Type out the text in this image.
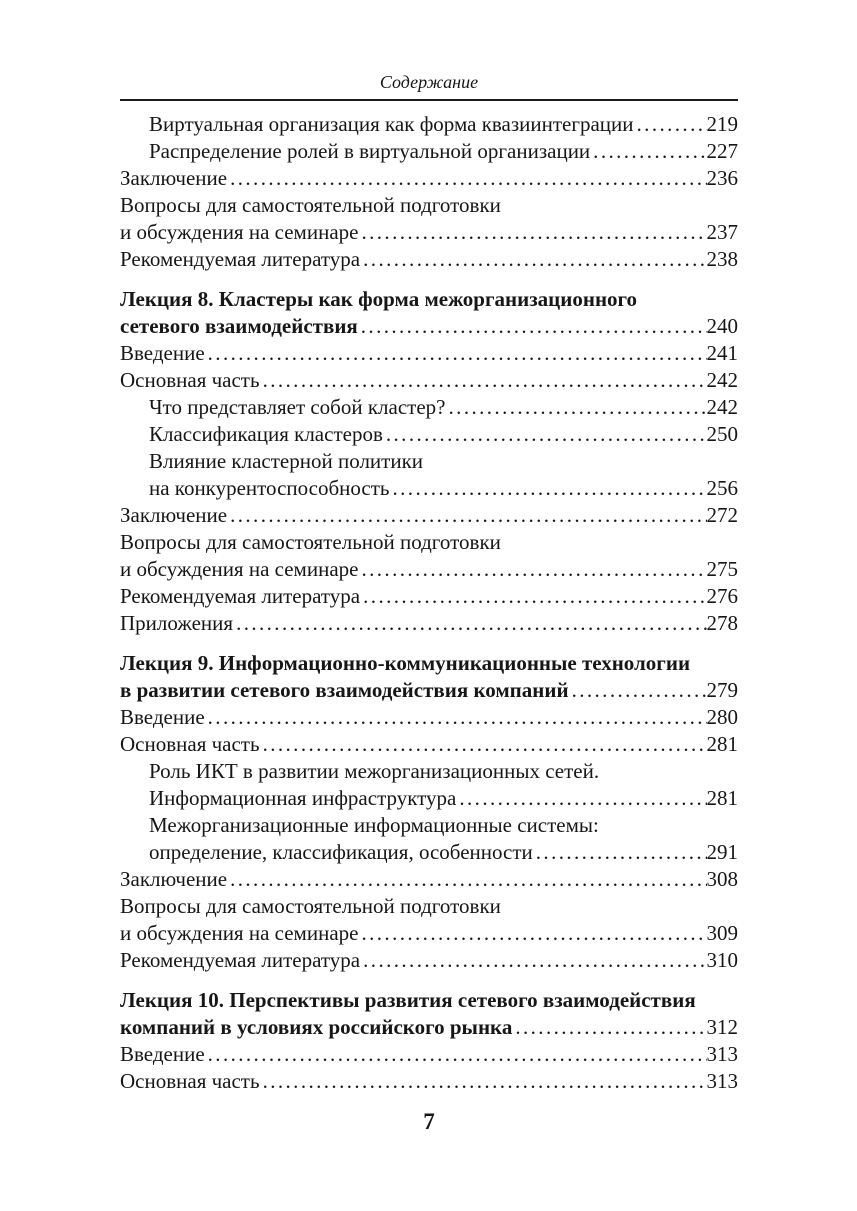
Содержание
Виртуальная организация как форма квазиинтеграции .....	219
Распределение ролей в виртуальной организации .....	227
Заключение .....	236
Вопросы для самостоятельной подготовки
и обсуждения на семинаре .....	237
Рекомендуемая литература .....	238
Лекция 8. Кластеры как форма межорганизационного
сетевого взаимодействия .....	240
Введение .....	241
Основная часть .....	242
Что представляет собой кластер? .....	242
Классификация кластеров .....	250
Влияние кластерной политики
на конкурентоспособность .....	256
Заключение .....	272
Вопросы для самостоятельной подготовки
и обсуждения на семинаре .....	275
Рекомендуемая литература .....	276
Приложения .....	278
Лекция 9. Информационно-коммуникационные технологии
в развитии сетевого взаимодействия компаний .....	279
Введение .....	280
Основная часть .....	281
Роль ИКТ в развитии межорганизационных сетей.
Информационная инфраструктура .....	281
Межорганизационные информационные системы:
определение, классификация, особенности .....	291
Заключение .....	308
Вопросы для самостоятельной подготовки
и обсуждения на семинаре .....	309
Рекомендуемая литература .....	310
Лекция 10. Перспективы развития сетевого взаимодействия
компаний в условиях российского рынка .....	312
Введение .....	313
Основная часть .....	313
7
